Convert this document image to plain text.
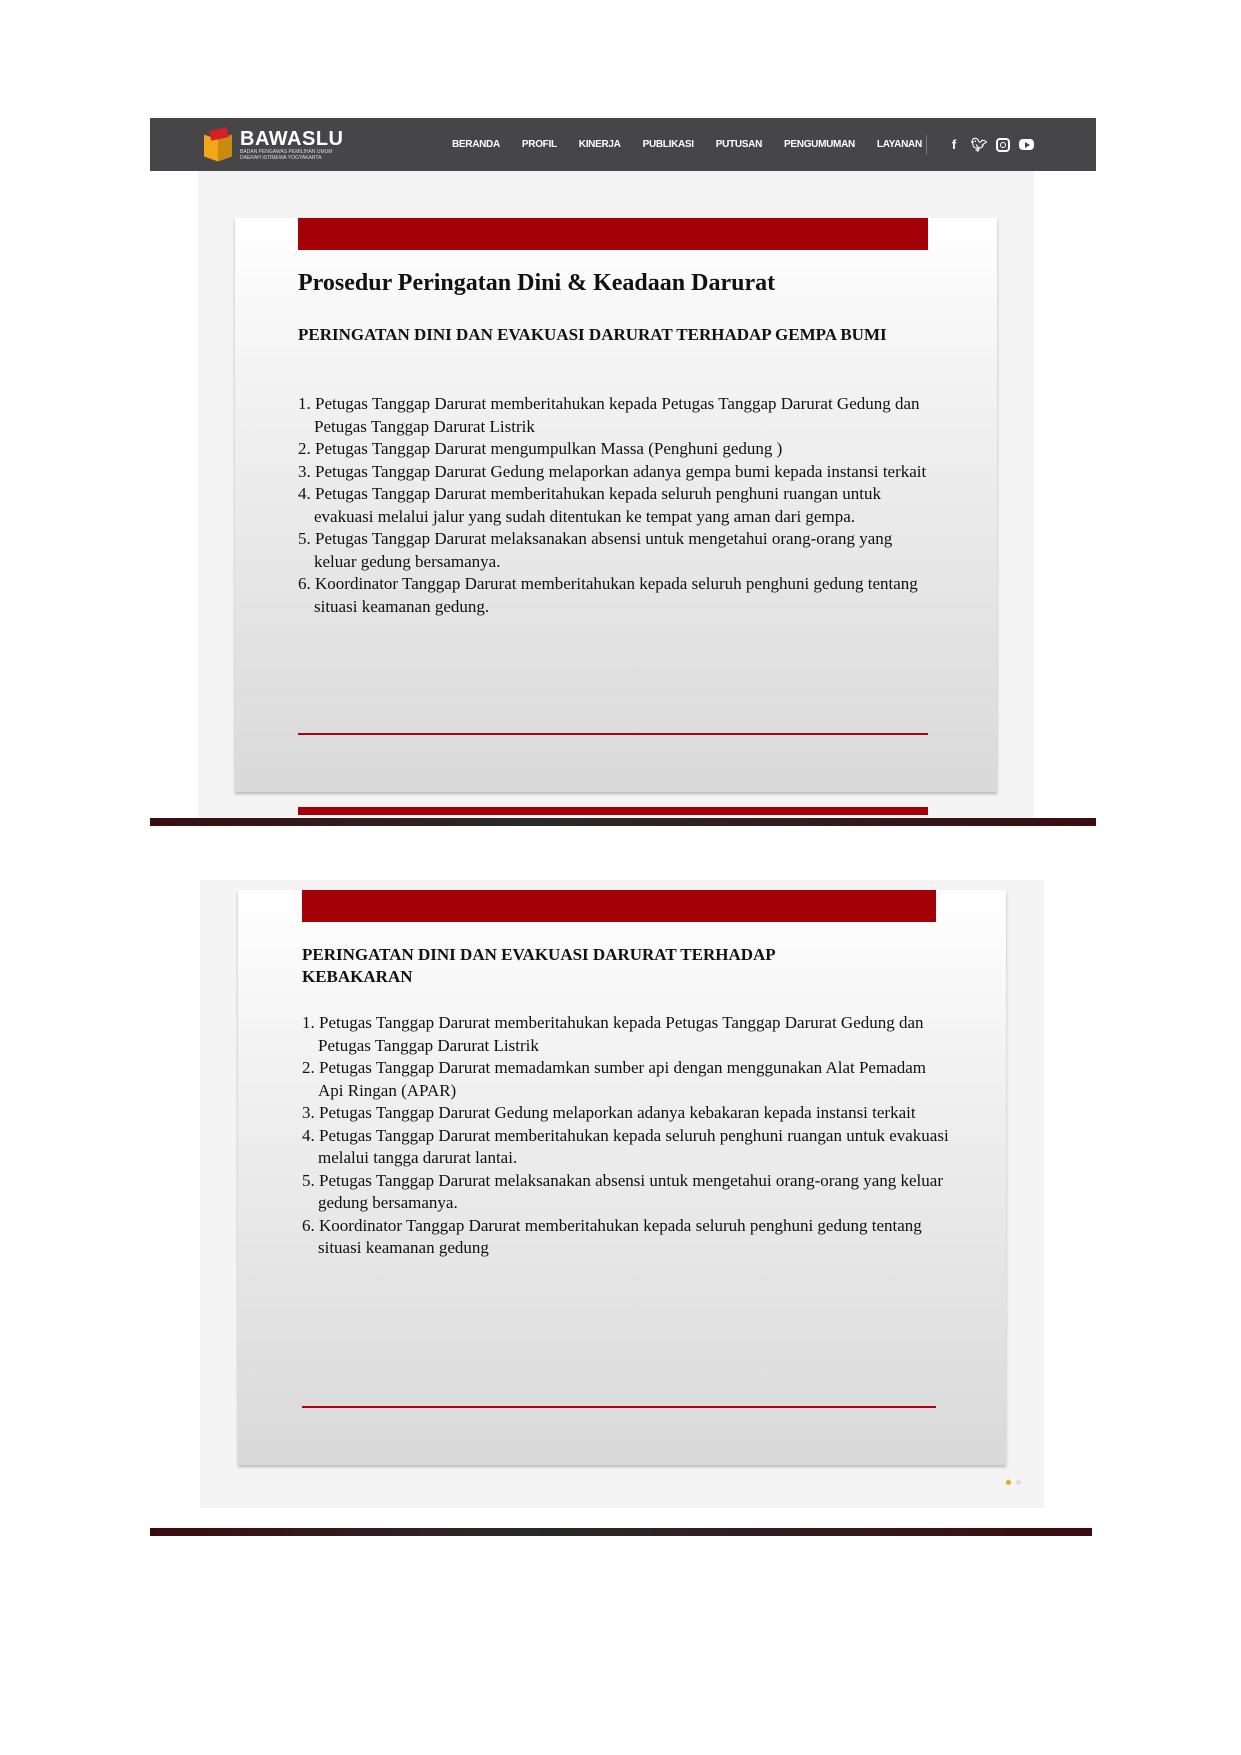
BAWASLU
BADAN PENGAWAS PEMILIHAN UMUM DAERAH ISTIMEWA YOGYAKARTA
BERANDA PROFIL KINERJA PUBLIKASI PUTUSAN PENGUMUMAN LAYANAN	f	🐦︎
Prosedur Peringatan Dini & Keadaan Darurat
PERINGATAN DINI DAN EVAKUASI DARURAT TERHADAP GEMPA BUMI
1. Petugas Tanggap Darurat memberitahukan kepada Petugas Tanggap Darurat Gedung dan Petugas Tanggap Darurat Listrik
2. Petugas Tanggap Darurat mengumpulkan Massa (Penghuni gedung )
3. Petugas Tanggap Darurat Gedung melaporkan adanya gempa bumi kepada instansi terkait
4. Petugas Tanggap Darurat memberitahukan kepada seluruh penghuni ruangan untuk evakuasi melalui jalur yang sudah ditentukan ke tempat yang aman dari gempa.
5. Petugas Tanggap Darurat melaksanakan absensi untuk mengetahui orang-orang yang keluar gedung bersamanya.
6. Koordinator Tanggap Darurat memberitahukan kepada seluruh penghuni gedung tentang situasi keamanan gedung.
PERINGATAN DINI DAN EVAKUASI DARURAT TERHADAP KEBAKARAN
1. Petugas Tanggap Darurat memberitahukan kepada Petugas Tanggap Darurat Gedung dan Petugas Tanggap Darurat Listrik
2. Petugas Tanggap Darurat memadamkan sumber api dengan menggunakan Alat Pemadam Api Ringan (APAR)
3. Petugas Tanggap Darurat Gedung melaporkan adanya kebakaran kepada instansi terkait
4. Petugas Tanggap Darurat memberitahukan kepada seluruh penghuni ruangan untuk evakuasi melalui tangga darurat lantai.
5. Petugas Tanggap Darurat melaksanakan absensi untuk mengetahui orang-orang yang keluar gedung bersamanya.
6. Koordinator Tanggap Darurat memberitahukan kepada seluruh penghuni gedung tentang situasi keamanan gedung
